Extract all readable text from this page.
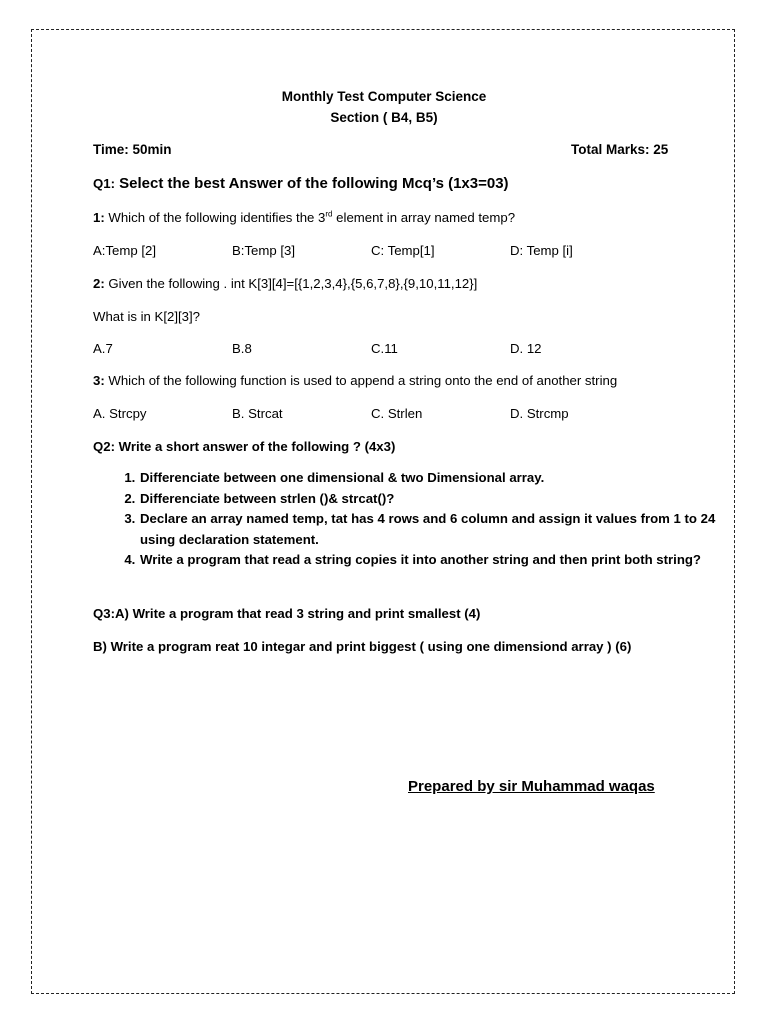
Monthly Test Computer Science
Section ( B4, B5)
Time: 50min	Total Marks: 25
Q1: Select the best Answer of the following Mcq’s (1x3=03)
1: Which of the following identifies the 3rd element in array named temp?
A:Temp [2]	B:Temp [3]	C: Temp[1]	D: Temp [i]
2: Given the following . int K[3][4]=[{1,2,3,4},{5,6,7,8},{9,10,11,12}]
What is in K[2][3]?
A.7	B.8	C.11	D. 12
3: Which of the following function is used to append a string onto the end of another string
A. Strcpy	B. Strcat	C. Strlen	D. Strcmp
Q2: Write a short answer of the following ? (4x3)
1. Differenciate between one dimensional & two Dimensional array.
2. Differenciate between strlen ()& strcat()?
3. Declare an array named temp, tat has 4 rows and 6 column and assign it values from 1 to 24 using declaration statement.
4. Write a program that read a string copies it into another string and then print both string?
Q3:A) Write a program that read 3 string and print smallest (4)
B) Write a program reat 10 integar and print biggest ( using one dimensiond array ) (6)
Prepared by sir Muhammad waqas
